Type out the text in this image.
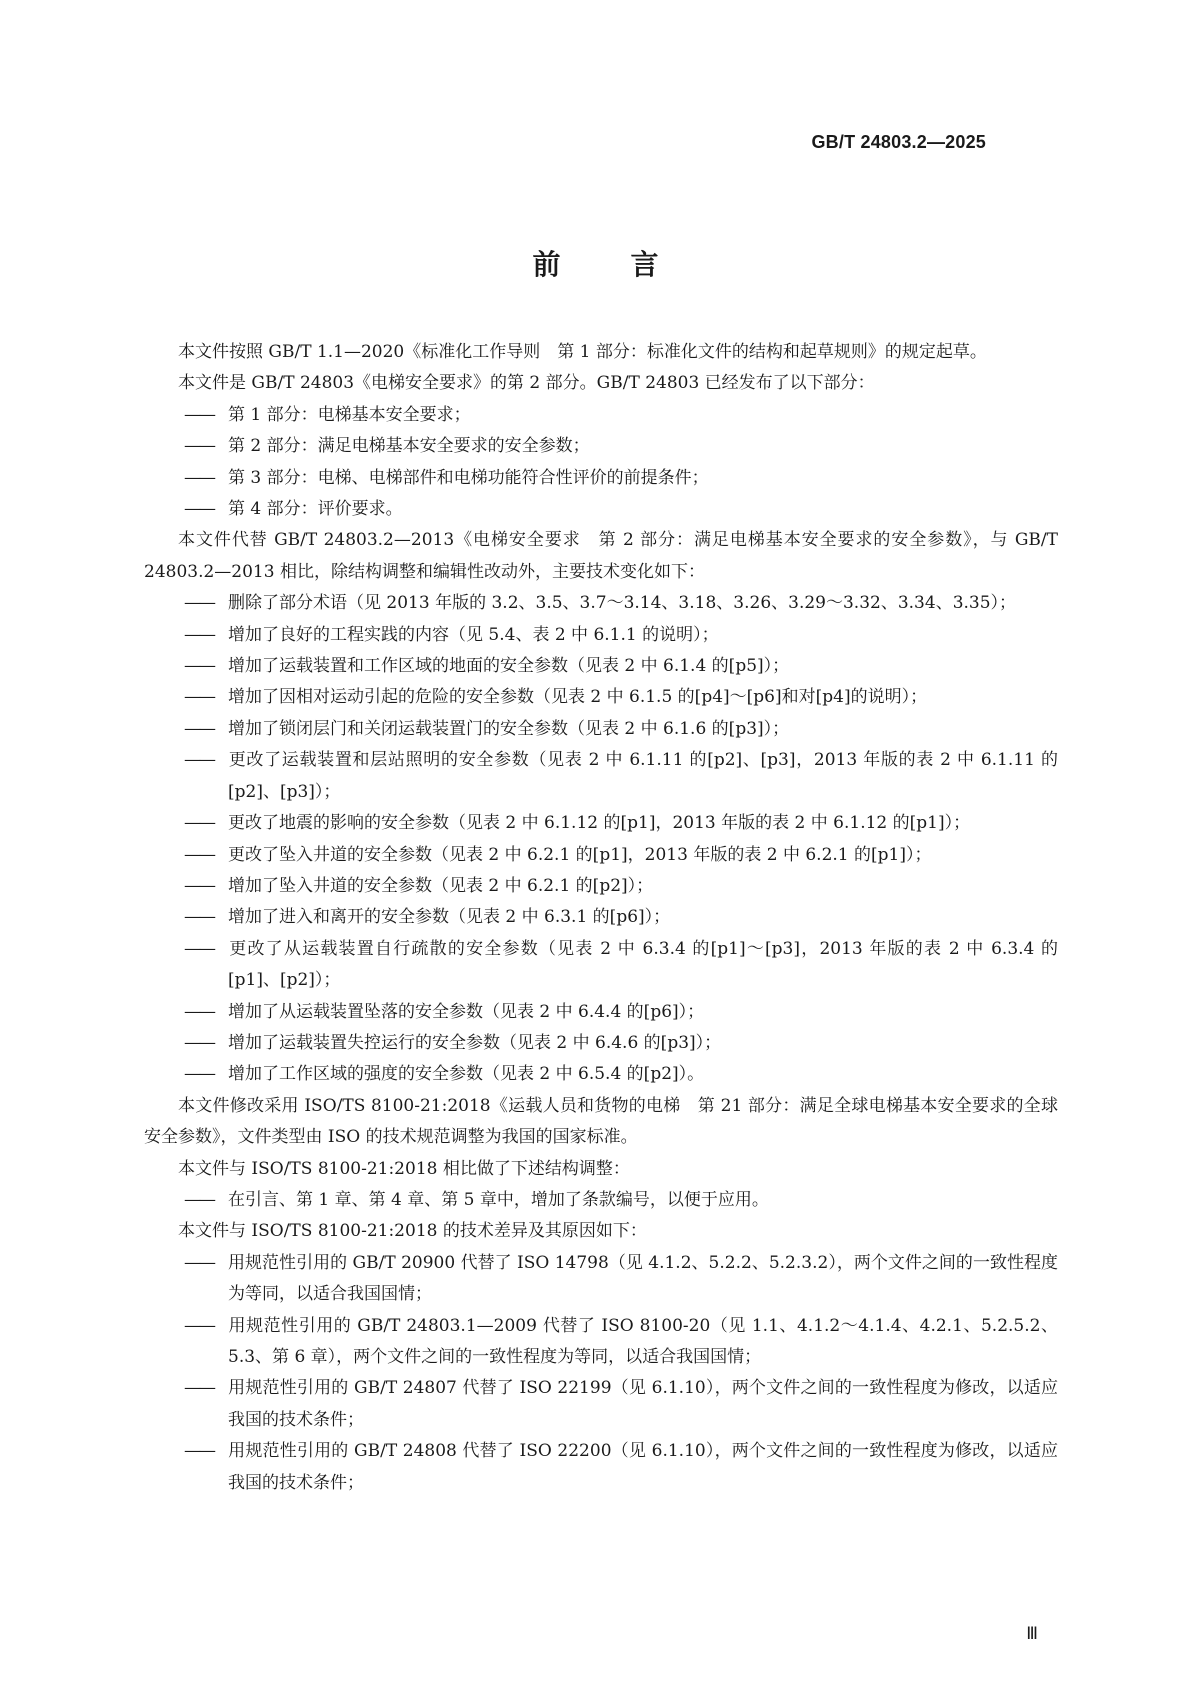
GB/T 24803.2—2025
前	言

本文件按照 GB/T 1.1—2020《标准化工作导则　第 1 部分：标准化文件的结构和起草规则》的规定起草。

本文件是 GB/T 24803《电梯安全要求》的第 2 部分。GB/T 24803 已经发布了以下部分：

—— 第 1 部分：电梯基本安全要求；

—— 第 2 部分：满足电梯基本安全要求的安全参数；

—— 第 3 部分：电梯、电梯部件和电梯功能符合性评价的前提条件；

—— 第 4 部分：评价要求。

本文件代替 GB/T 24803.2—2013《电梯安全要求　第 2 部分：满足电梯基本安全要求的安全参数》，与 GB/T 24803.2—2013 相比，除结构调整和编辑性改动外，主要技术变化如下：

—— 删除了部分术语（见 2013 年版的 3.2、3.5、3.7～3.14、3.18、3.26、3.29～3.32、3.34、3.35）；

—— 增加了良好的工程实践的内容（见 5.4、表 2 中 6.1.1 的说明）；

—— 增加了运载装置和工作区域的地面的安全参数（见表 2 中 6.1.4 的[p5]）；

—— 增加了因相对运动引起的危险的安全参数（见表 2 中 6.1.5 的[p4]～[p6]和对[p4]的说明）；

—— 增加了锁闭层门和关闭运载装置门的安全参数（见表 2 中 6.1.6 的[p3]）；

—— 更改了运载装置和层站照明的安全参数（见表 2 中 6.1.11 的[p2]、[p3]，2013 年版的表 2 中 6.1.11 的[p2]、[p3]）；

—— 更改了地震的影响的安全参数（见表 2 中 6.1.12 的[p1]，2013 年版的表 2 中 6.1.12 的[p1]）；

—— 更改了坠入井道的安全参数（见表 2 中 6.2.1 的[p1]，2013 年版的表 2 中 6.2.1 的[p1]）；

—— 增加了坠入井道的安全参数（见表 2 中 6.2.1 的[p2]）；

—— 增加了进入和离开的安全参数（见表 2 中 6.3.1 的[p6]）；

—— 更改了从运载装置自行疏散的安全参数（见表 2 中 6.3.4 的[p1]～[p3]，2013 年版的表 2 中 6.3.4 的[p1]、[p2]）；

—— 增加了从运载装置坠落的安全参数（见表 2 中 6.4.4 的[p6]）；

—— 增加了运载装置失控运行的安全参数（见表 2 中 6.4.6 的[p3]）；

—— 增加了工作区域的强度的安全参数（见表 2 中 6.5.4 的[p2]）。

本文件修改采用 ISO/TS 8100-21:2018《运载人员和货物的电梯　第 21 部分：满足全球电梯基本安全要求的全球安全参数》，文件类型由 ISO 的技术规范调整为我国的国家标准。

本文件与 ISO/TS 8100-21:2018 相比做了下述结构调整：

—— 在引言、第 1 章、第 4 章、第 5 章中，增加了条款编号，以便于应用。

本文件与 ISO/TS 8100-21:2018 的技术差异及其原因如下：

—— 用规范性引用的 GB/T 20900 代替了 ISO 14798（见 4.1.2、5.2.2、5.2.3.2），两个文件之间的一致性程度为等同，以适合我国国情；

—— 用规范性引用的 GB/T 24803.1—2009 代替了 ISO 8100-20（见 1.1、4.1.2～4.1.4、4.2.1、5.2.5.2、5.3、第 6 章），两个文件之间的一致性程度为等同，以适合我国国情；

—— 用规范性引用的 GB/T 24807 代替了 ISO 22199（见 6.1.10），两个文件之间的一致性程度为修改，以适应我国的技术条件；

—— 用规范性引用的 GB/T 24808 代替了 ISO 22200（见 6.1.10），两个文件之间的一致性程度为修改，以适应我国的技术条件；

Ⅲ
